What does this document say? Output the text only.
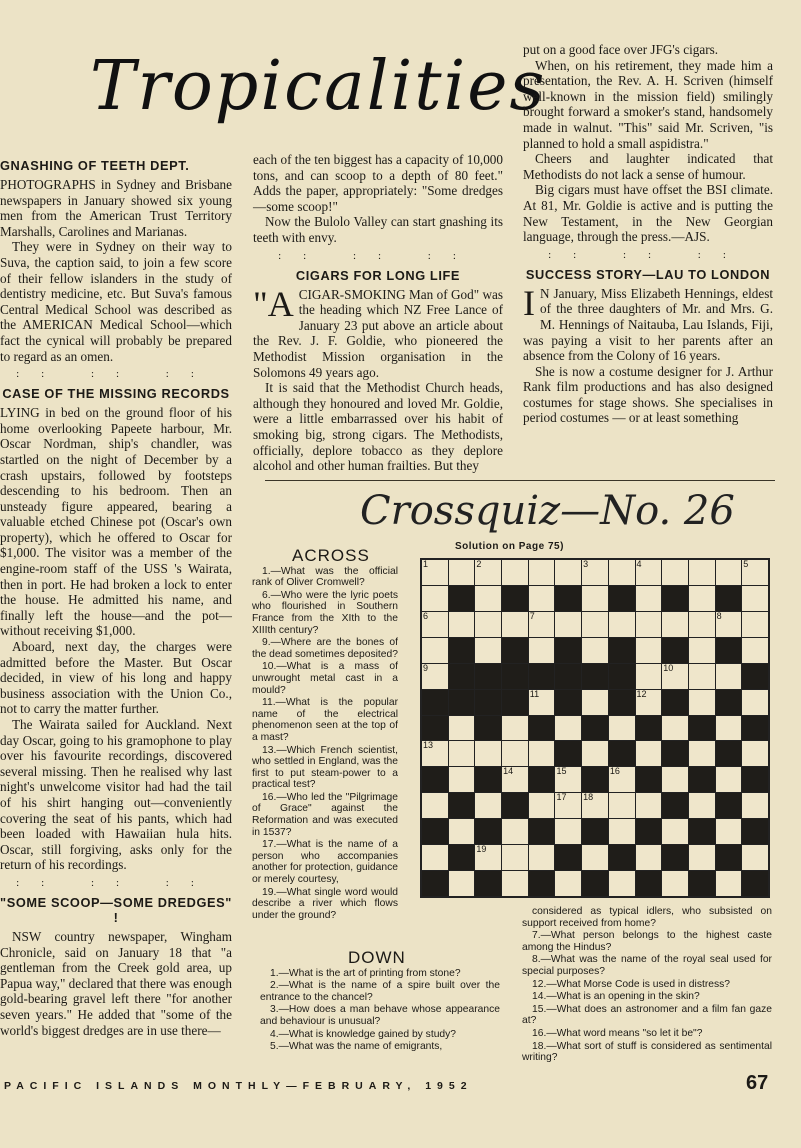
Tropicalities
GNASHING OF TEETH DEPT.

PHOTOGRAPHS in Sydney and Brisbane newspapers in January showed six young men from the American Trust Territory Marshalls, Carolines and Marianas.

They were in Sydney on their way to Suva, the caption said, to join a few score of their fellow islanders in the study of dentistry medicine, etc. But Suva's famous Central Medical School was described as the AMERICAN Medical School—which fact the cynical will probably be prepared to regard as an omen.

:: :: ::
CASE OF THE MISSING RECORDS

LYING in bed on the ground floor of his home overlooking Papeete harbour, Mr. Oscar Nordman, ship's chandler, was startled on the night of December by a crash upstairs, followed by footsteps descending to his bedroom. Then an unsteady figure appeared, bearing a valuable etched Chinese pot (Oscar's own property), which he offered to Oscar for $1,000. The visitor was a member of the engine-room staff of the USS 's Wairata, then in port. He had broken a lock to enter the house. He admitted his name, and finally left the house—and the pot—without receiving $1,000.

Aboard, next day, the charges were admitted before the Master. But Oscar decided, in view of his long and happy business association with the Union Co., not to carry the matter further.

The Wairata sailed for Auckland. Next day Oscar, going to his gramophone to play over his favourite recordings, discovered several missing. Then he realised why last night's unwelcome visitor had had the tail of his shirt hanging out—conveniently covering the seat of his pants, which had been loaded with Hawaiian hula hits. Oscar, still forgiving, asks only for the return of his recordings.

:: :: ::
"SOME SCOOP—SOME DREDGES" !

NSW country newspaper, Wingham Chronicle, said on January 18 that "a gentleman from the Creek gold area, up Papua way," declared that there was enough gold-bearing gravel left there "for another seven years." He added that "some of the world's biggest dredges are in use there—

each of the ten biggest has a capacity of 10,000 tons, and can scoop to a depth of 80 feet." Adds the paper, appropriately: "Some dredges—some scoop!"

Now the Bulolo Valley can start gnashing its teeth with envy.

:: :: ::
CIGARS FOR LONG LIFE

"ACIGAR-SMOKING Man of God" was the heading which NZ Free Lance of January 23 put above an article about the Rev. J. F. Goldie, who pioneered the Methodist Mission organisation in the Solomons 49 years ago.

It is said that the Methodist Church heads, although they honoured and loved Mr. Goldie, were a little embarrassed over his habit of smoking big, strong cigars. The Methodists, officially, deplore tobacco as they deplore alcohol and other human frailties. But they

put on a good face over JFG's cigars.

When, on his retirement, they made him a presentation, the Rev. A. H. Scriven (himself well-known in the mission field) smilingly brought forward a smoker's stand, handsomely made in walnut. "This" said Mr. Scriven, "is planned to hold a small aspidistra."

Cheers and laughter indicated that Methodists do not lack a sense of humour.

Big cigars must have offset the BSI climate. At 81, Mr. Goldie is active and is putting the New Testament, in the New Georgian language, through the press.—AJS.

:: :: ::
SUCCESS STORY—LAU TO LONDON

I N January, Miss Elizabeth Hennings, eldest of the three daughters of Mr. and Mrs. G. M. Hennings of Naitauba, Lau Islands, Fiji, was paying a visit to her parents after an absence from the Colony of 16 years.

She is now a costume designer for J. Arthur Rank film productions and has also designed costumes for stage shows. She specialises in period costumes — or at least something

Crossquiz—No. 26
Solution on Page 75)
ACROSS

1.—What was the official rank of Oliver Cromwell?

6.—Who were the lyric poets who flourished in Southern France from the XIth to the XIIIth century?

9.—Where are the bones of the dead sometimes deposited?

10.—What is a mass of unwrought metal cast in a mould?

11.—What is the popular name of the electrical phenomenon seen at the top of a mast?

13.—Which French scientist, who settled in England, was the first to put steam-power to a practical test?

16.—Who led the "Pilgrimage of Grace" against the Reformation and was executed in 1537?

17.—What is the name of a person who accompanies another for protection, guidance or merely courtesy,

19.—What single word would describe a river which flows under the ground?

DOWN

1.—What is the art of printing from stone?

2.—What is the name of a spire built over the entrance to the chancel?

3.—How does a man behave whose appearance and behaviour is unusual?

4.—What is knowledge gained by study?

5.—What was the name of emigrants,

considered as typical idlers, who subsisted on support received from home?

7.—What person belongs to the highest caste among the Hindus?

8.—What was the name of the royal seal used for special purposes?

12.—What Morse Code is used in distress?

14.—What is an opening in the skin?

15.—What does an astronomer and a film fan gaze at?

16.—What word means "so let it be"?

18.—What sort of stuff is considered as sentimental writing?

1	2	3	4	5
6	7	8
9	10
11	12
13
14	15	16
17 18
19
PACIFIC ISLANDS MONTHLY—FEBRUARY, 1952	67
